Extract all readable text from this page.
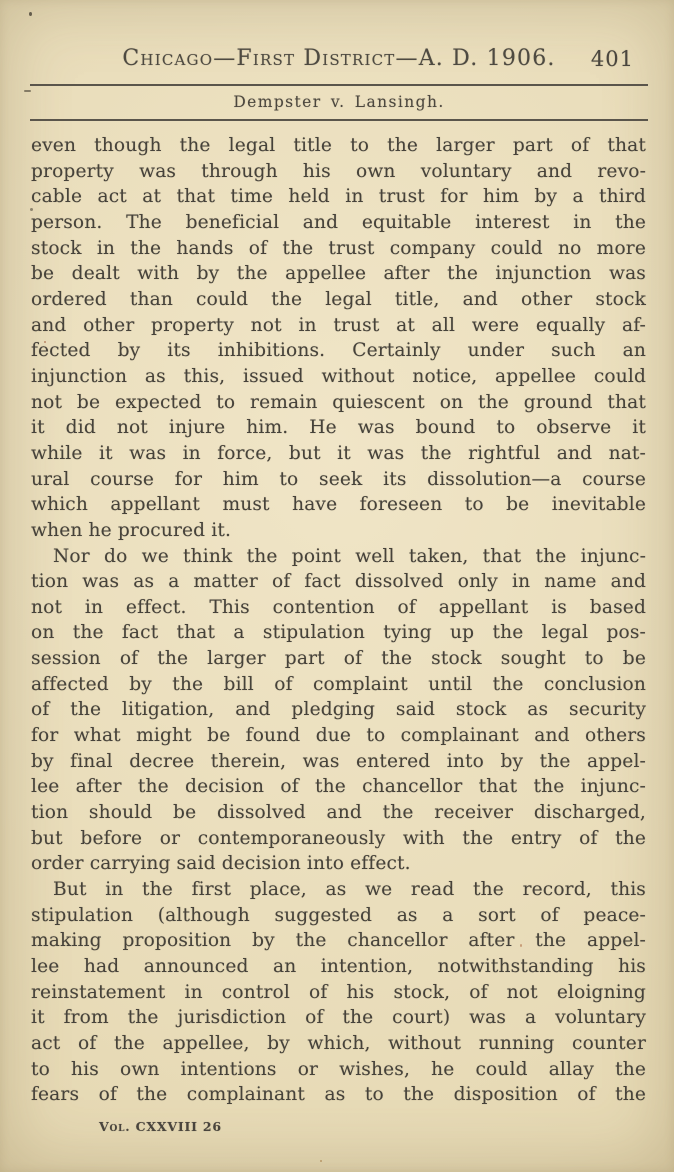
Chicago—First District—A. D. 1906. 401
Dempster v. Lansingh.
even though the legal title to the larger part of that
property was through his own voluntary and revo-
cable act at that time held in trust for him by a third
person. The beneficial and equitable interest in the
stock in the hands of the trust company could no more
be dealt with by the appellee after the injunction was
ordered than could the legal title, and other stock
and other property not in trust at all were equally af-
fected by its inhibitions. Certainly under such an
injunction as this, issued without notice, appellee could
not be expected to remain quiescent on the ground that
it did not injure him. He was bound to observe it
while it was in force, but it was the rightful and nat-
ural course for him to seek its dissolution—a course
which appellant must have foreseen to be inevitable
when he procured it.
Nor do we think the point well taken, that the injunc-
tion was as a matter of fact dissolved only in name and
not in effect. This contention of appellant is based
on the fact that a stipulation tying up the legal pos-
session of the larger part of the stock sought to be
affected by the bill of complaint until the conclusion
of the litigation, and pledging said stock as security
for what might be found due to complainant and others
by final decree therein, was entered into by the appel-
lee after the decision of the chancellor that the injunc-
tion should be dissolved and the receiver discharged,
but before or contemporaneously with the entry of the
order carrying said decision into effect.
But in the first place, as we read the record, this
stipulation (although suggested as a sort of peace-
making proposition by the chancellor after the appel-
lee had announced an intention, notwithstanding his
reinstatement in control of his stock, of not eloigning
it from the jurisdiction of the court) was a voluntary
act of the appellee, by which, without running counter
to his own intentions or wishes, he could allay the
fears of the complainant as to the disposition of the
Vol. CXXVIII 26
